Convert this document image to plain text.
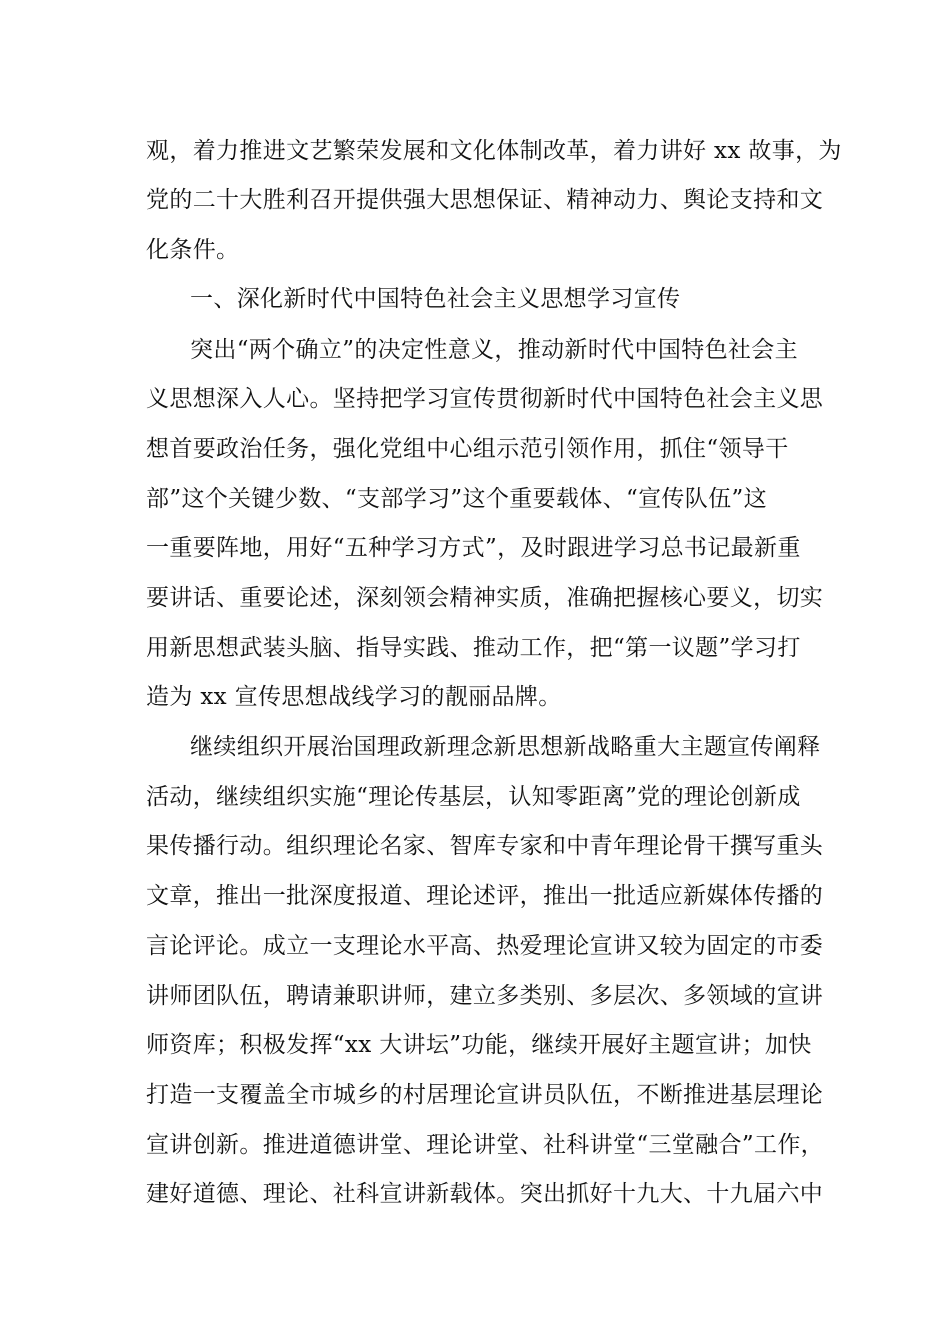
观，着力推进文艺繁荣发展和文化体制改革，着力讲好 xx 故事，为
党的二十大胜利召开提供强大思想保证、精神动力、舆论支持和文
化条件。
一、深化新时代中国特色社会主义思想学习宣传
突出“两个确立”的决定性意义，推动新时代中国特色社会主
义思想深入人心。坚持把学习宣传贯彻新时代中国特色社会主义思
想首要政治任务，强化党组中心组示范引领作用，抓住“领导干
部”这个关键少数、“支部学习”这个重要载体、“宣传队伍”这
一重要阵地，用好“五种学习方式”，及时跟进学习总书记最新重
要讲话、重要论述，深刻领会精神实质，准确把握核心要义，切实
用新思想武装头脑、指导实践、推动工作，把“第一议题”学习打
造为 xx 宣传思想战线学习的靓丽品牌。
继续组织开展治国理政新理念新思想新战略重大主题宣传阐释
活动，继续组织实施“理论传基层，认知零距离”党的理论创新成
果传播行动。组织理论名家、智库专家和中青年理论骨干撰写重头
文章，推出一批深度报道、理论述评，推出一批适应新媒体传播的
言论评论。成立一支理论水平高、热爱理论宣讲又较为固定的市委
讲师团队伍，聘请兼职讲师，建立多类别、多层次、多领域的宣讲
师资库；积极发挥“xx 大讲坛”功能，继续开展好主题宣讲；加快
打造一支覆盖全市城乡的村居理论宣讲员队伍，不断推进基层理论
宣讲创新。推进道德讲堂、理论讲堂、社科讲堂“三堂融合”工作，
建好道德、理论、社科宣讲新载体。突出抓好十九大、十九届六中
